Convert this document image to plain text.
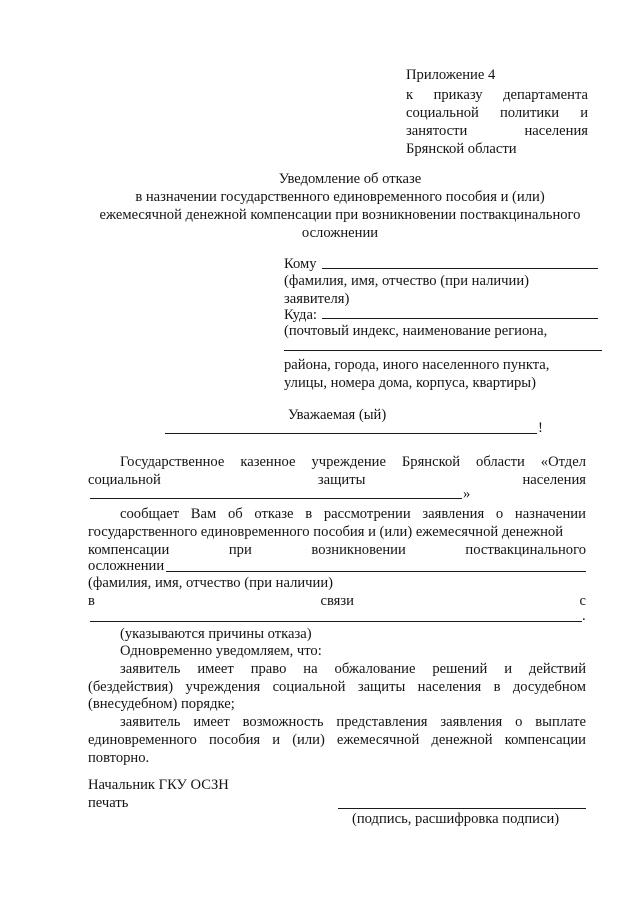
Приложение 4
к приказу департамента
социальной политики и
занятости	населения
Брянской области
Уведомление об отказе
в назначении государственного единовременного пособия и (или)
ежемесячной денежной компенсации при возникновении поствакцинального
осложнении
Кому
(фамилия, имя, отчество (при наличии)
заявителя)
Куда:
(почтовый индекс, наименование региона,
района, города, иного населенного пункта,
улицы, номера дома, корпуса, квартиры)
Уважаемая (ый)
!
Государственное казенное учреждение Брянской области «Отдел
социальной	защиты	населения
»
сообщает Вам об отказе в рассмотрении заявления о назначении
государственного единовременного пособия и (или) ежемесячной денежной
компенсации	при	возникновении	поствакцинального
осложнении
(фамилия, имя, отчество (при наличии)
в	связи	с
.
(указываются причины отказа)
Одновременно уведомляем, что:
заявитель имеет право на обжалование решений и действий
(бездействия) учреждения социальной защиты населения в досудебном
(внесудебном) порядке;
заявитель имеет возможность представления заявления о выплате
единовременного пособия и (или) ежемесячной денежной компенсации
повторно.
Начальник ГКУ ОСЗН
печать
(подпись, расшифровка подписи)
